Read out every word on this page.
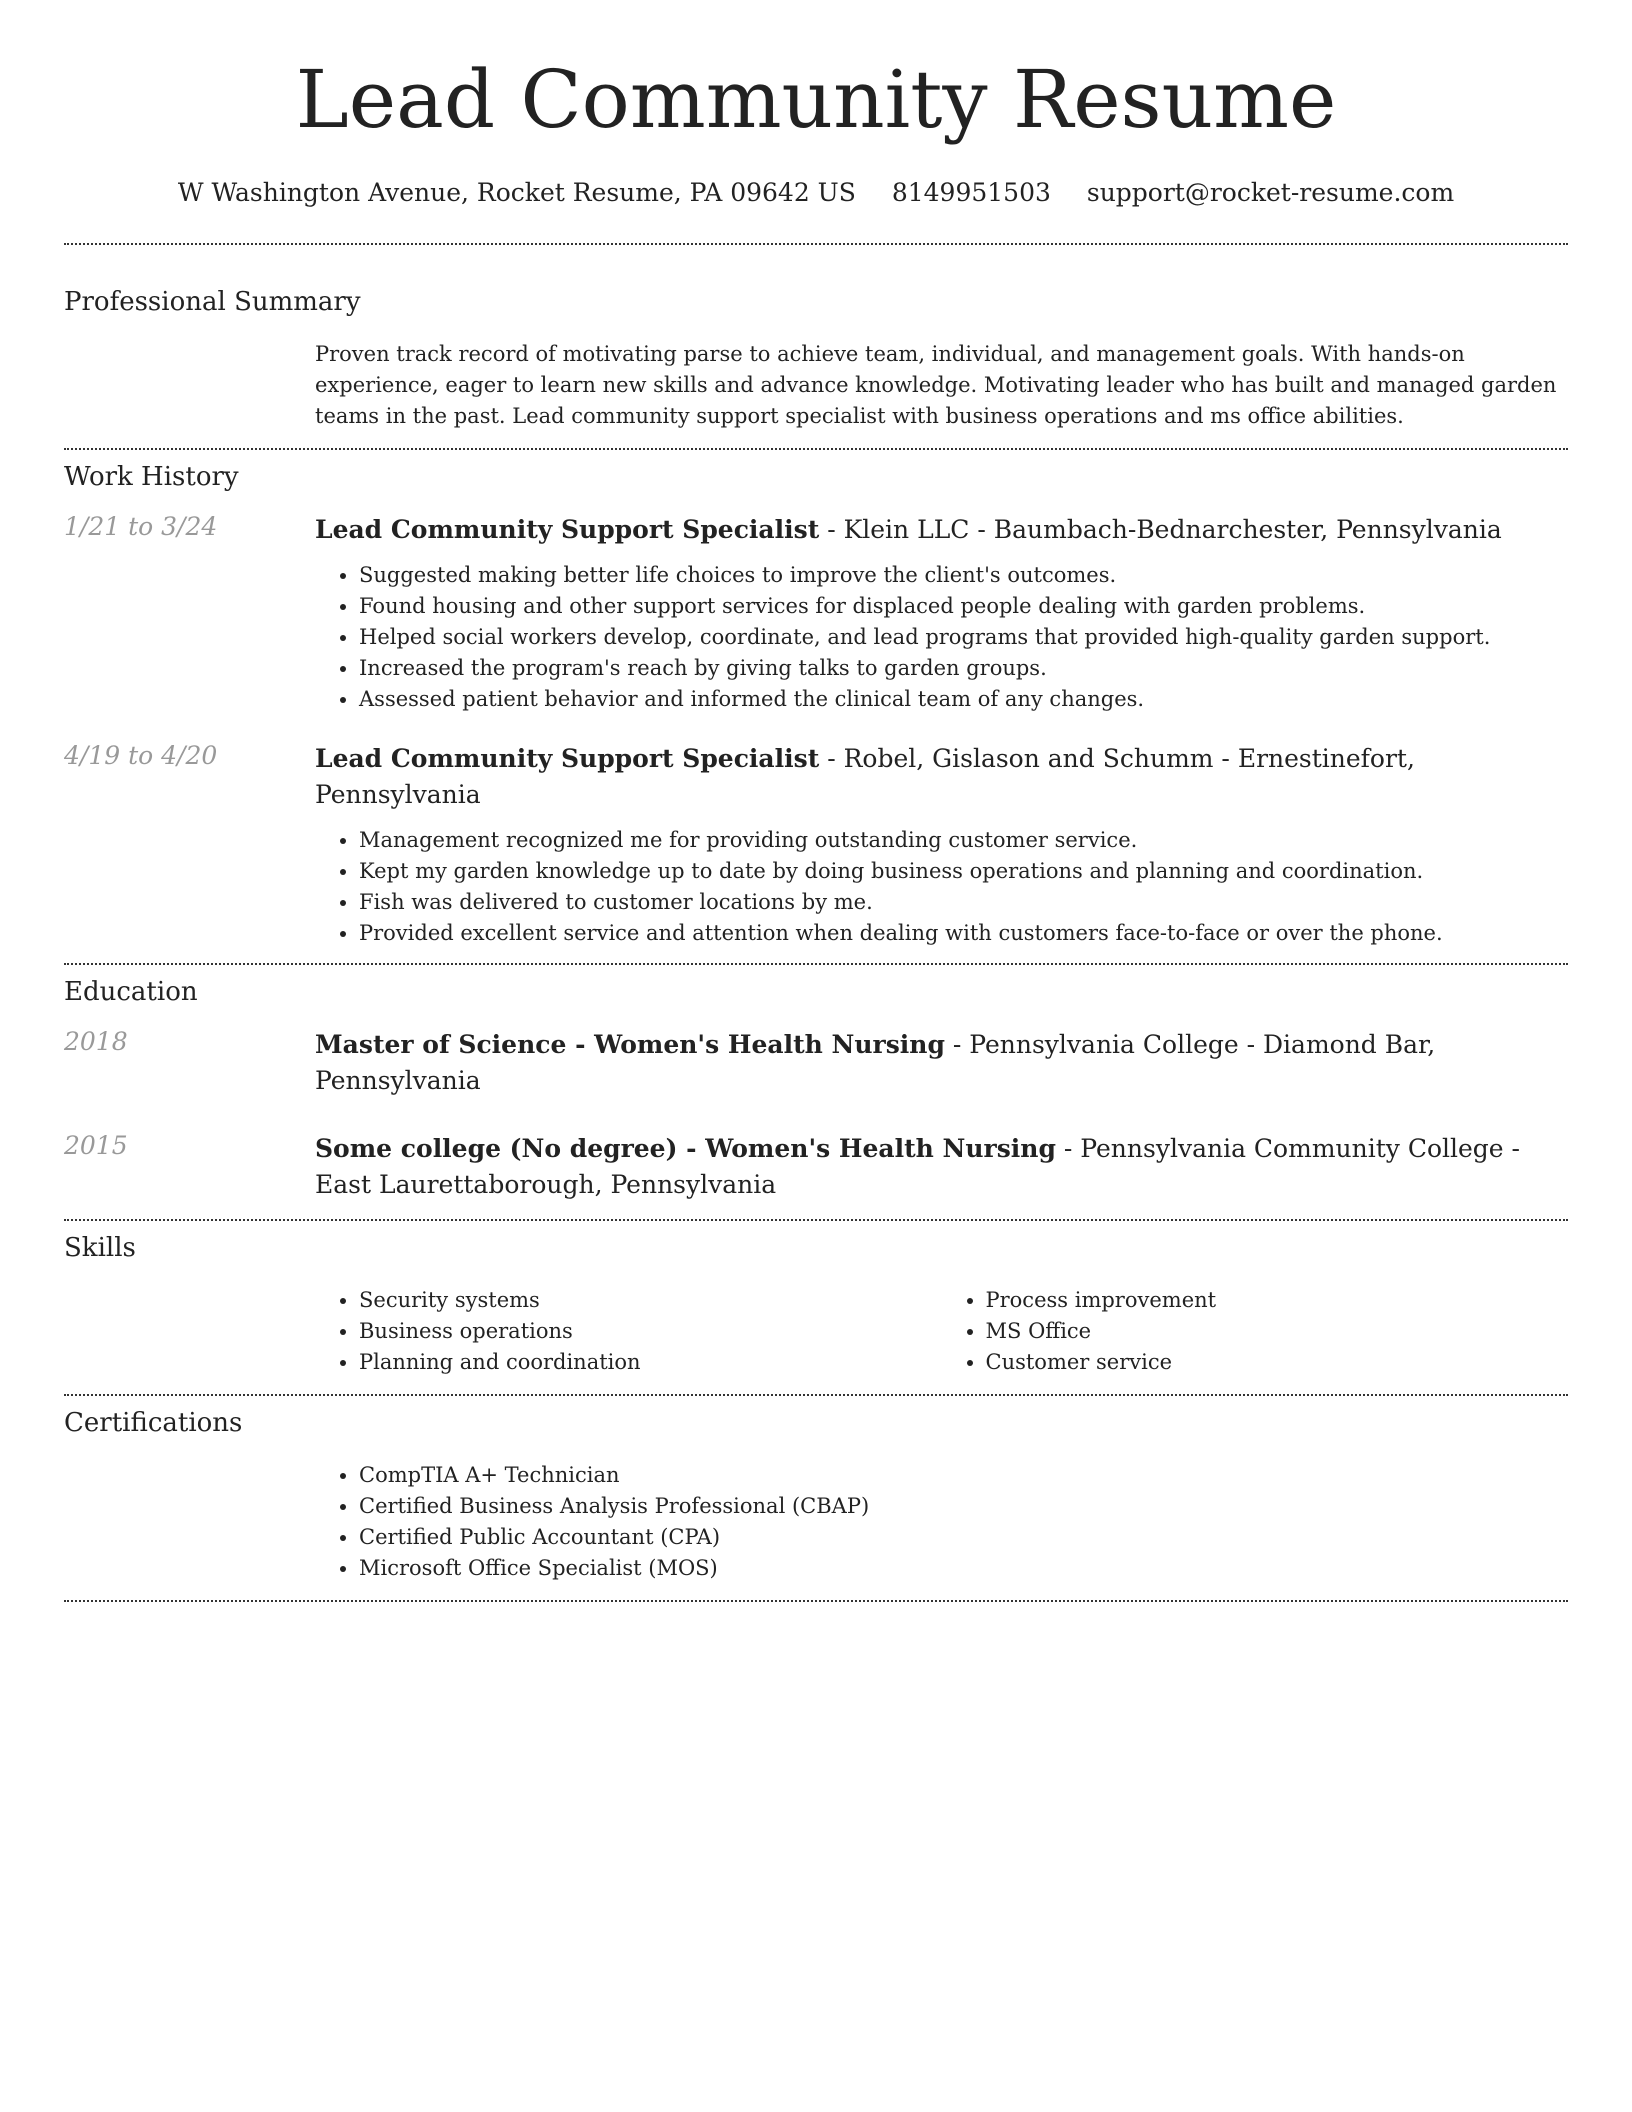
Lead Community Resume
W Washington Avenue, Rocket Resume, PA 09642 US 8149951503 support@rocket-resume.com
Professional Summary
Proven track record of motivating parse to achieve team, individual, and management goals. With hands-on experience, eager to learn new skills and advance knowledge. Motivating leader who has built and managed garden teams in the past. Lead community support specialist with business operations and ms office abilities.
Work History
1/21 to 3/24	Lead Community Support Specialist - Klein LLC - Baumbach-Bednarchester, Pennsylvania
• Suggested making better life choices to improve the client's outcomes.
• Found housing and other support services for displaced people dealing with garden problems.
• Helped social workers develop, coordinate, and lead programs that provided high-quality garden support.
• Increased the program's reach by giving talks to garden groups.
• Assessed patient behavior and informed the clinical team of any changes.
4/19 to 4/20	Lead Community Support Specialist - Robel, Gislason and Schumm - Ernestinefort, Pennsylvania
• Management recognized me for providing outstanding customer service.
• Kept my garden knowledge up to date by doing business operations and planning and coordination.
• Fish was delivered to customer locations by me.
• Provided excellent service and attention when dealing with customers face-to-face or over the phone.
Education
2018	Master of Science - Women's Health Nursing - Pennsylvania College - Diamond Bar, Pennsylvania
2015	Some college (No degree) - Women's Health Nursing - Pennsylvania Community College - East Laurettaborough, Pennsylvania
Skills
• Security systems
• Business operations
• Planning and coordination
• Process improvement
• MS Office
• Customer service
Certifications
• CompTIA A+ Technician
• Certified Business Analysis Professional (CBAP)
• Certified Public Accountant (CPA)
• Microsoft Office Specialist (MOS)
